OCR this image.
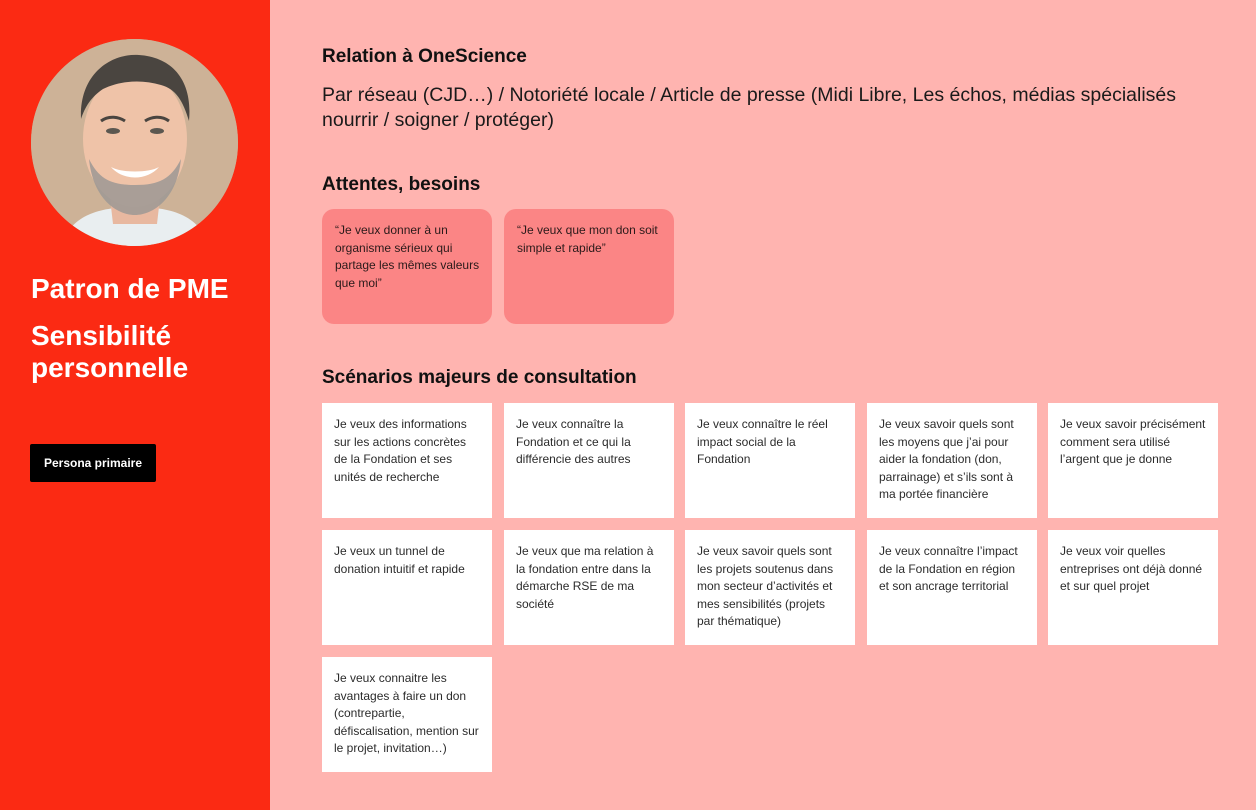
Patron de PME
Sensibilité personnelle
Persona primaire
Relation à OneScience

Par réseau (CJD…) / Notoriété locale / Article de presse (Midi Libre, Les échos, médias spécialisés nourrir / soigner / protéger)

Attentes, besoins
“Je veux donner à un organisme sérieux qui partage les mêmes valeurs que moi”
“Je veux que mon don soit simple et rapide”
Scénarios majeurs de consultation
Je veux des informations sur les actions concrètes de la Fondation et ses unités de recherche
Je veux connaître la Fondation et ce qui la différencie des autres
Je veux connaître le réel impact social de la Fondation
Je veux savoir quels sont les moyens que j’ai pour aider la fondation (don, parrainage) et s’ils sont à ma portée financière
Je veux savoir précisément comment sera utilisé l’argent que je donne
Je veux un tunnel de donation intuitif et rapide
Je veux que ma relation à la fondation entre dans la démarche RSE de ma société
Je veux savoir quels sont les projets soutenus dans mon secteur d’activités et mes sensibilités (projets par thématique)
Je veux connaître l’impact de la Fondation en région et son ancrage territorial
Je veux voir quelles entreprises ont déjà donné et sur quel projet
Je veux connaitre les avantages à faire un don (contrepartie, défiscalisation, mention sur le projet, invitation…)
